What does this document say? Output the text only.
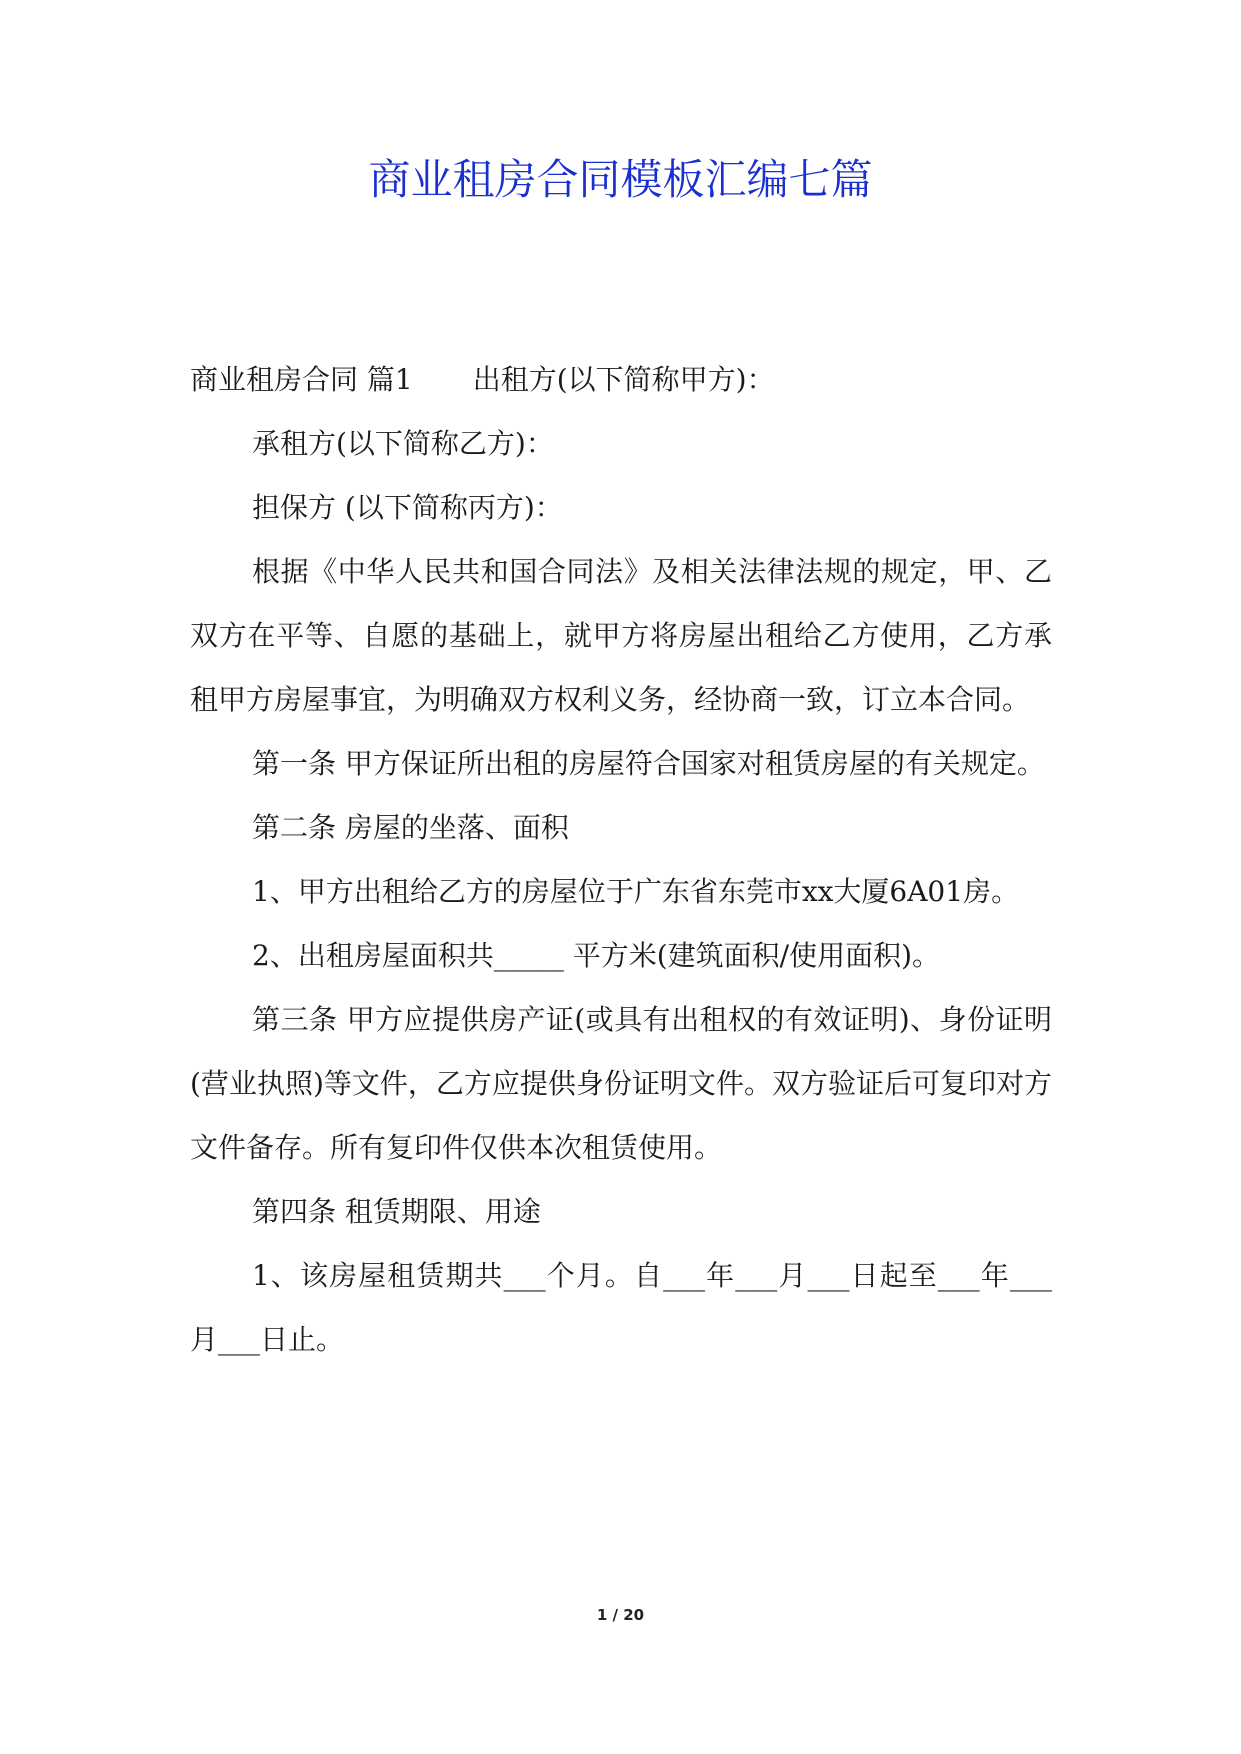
商业租房合同模板汇编七篇

商业租房合同 篇1 出租方(以下简称甲方)：

承租方(以下简称乙方)：

担保方 (以下简称丙方)：

根据《中华人民共和国合同法》及相关法律法规的规定，甲、乙双方在平等、自愿的基础上，就甲方将房屋出租给乙方使用，乙方承租甲方房屋事宜，为明确双方权利义务，经协商一致，订立本合同。

第一条 甲方保证所出租的房屋符合国家对租赁房屋的有关规定。

第二条 房屋的坐落、面积

1、甲方出租给乙方的房屋位于广东省东莞市xx大厦6A01房。

2、出租房屋面积共_____ 平方米(建筑面积/使用面积)。

第三条 甲方应提供房产证(或具有出租权的有效证明)、身份证明(营业执照)等文件，乙方应提供身份证明文件。双方验证后可复印对方文件备存。所有复印件仅供本次租赁使用。

第四条 租赁期限、用途

1、该房屋租赁期共___个月。自___年___月___日起至___年___月___日止。

1 / 20
